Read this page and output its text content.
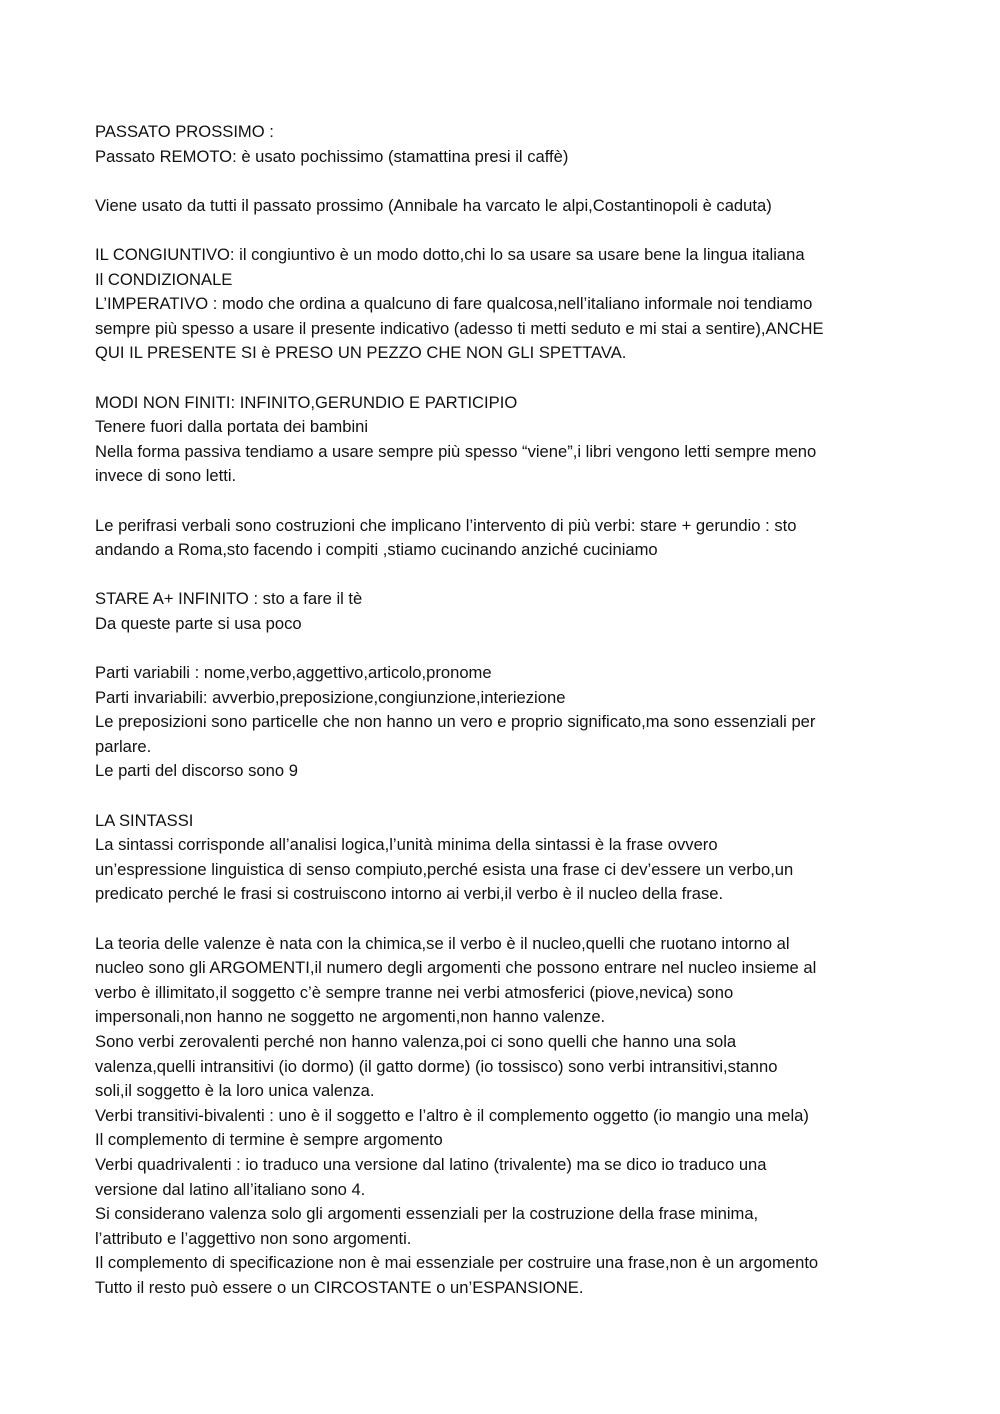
PASSATO PROSSIMO :
Passato REMOTO: è usato pochissimo (stamattina presi il caffè)
Viene usato da tutti il passato prossimo (Annibale ha varcato le alpi,Costantinopoli è caduta)
IL CONGIUNTIVO: il congiuntivo è un modo dotto,chi lo sa usare sa usare bene la lingua italiana
Il CONDIZIONALE
L’IMPERATIVO : modo che ordina a qualcuno di fare qualcosa,nell’italiano informale noi tendiamo
sempre più spesso a usare il presente indicativo (adesso ti metti seduto e mi stai a sentire),ANCHE
QUI IL PRESENTE SI è PRESO UN PEZZO CHE NON GLI SPETTAVA.
MODI NON FINITI: INFINITO,GERUNDIO E PARTICIPIO
Tenere fuori dalla portata dei bambini
Nella forma passiva tendiamo a usare sempre più spesso “viene”,i libri vengono letti sempre meno
invece di sono letti.
Le perifrasi verbali sono costruzioni che implicano l’intervento di più verbi: stare + gerundio : sto
andando a Roma,sto facendo i compiti ,stiamo cucinando anziché cuciniamo
STARE A+ INFINITO : sto a fare il tè
Da queste parte si usa poco
Parti variabili : nome,verbo,aggettivo,articolo,pronome
Parti invariabili: avverbio,preposizione,congiunzione,interiezione
Le preposizioni sono particelle che non hanno un vero e proprio significato,ma sono essenziali per
parlare.
Le parti del discorso sono 9
LA SINTASSI
La sintassi corrisponde all’analisi logica,l’unità minima della sintassi è la frase ovvero
un’espressione linguistica di senso compiuto,perché esista una frase ci dev’essere un verbo,un
predicato perché le frasi si costruiscono intorno ai verbi,il verbo è il nucleo della frase.
La teoria delle valenze è nata con la chimica,se il verbo è il nucleo,quelli che ruotano intorno al
nucleo sono gli ARGOMENTI,il numero degli argomenti che possono entrare nel nucleo insieme al
verbo è illimitato,il soggetto c’è sempre tranne nei verbi atmosferici (piove,nevica) sono
impersonali,non hanno ne soggetto ne argomenti,non hanno valenze.
Sono verbi zerovalenti perché non hanno valenza,poi ci sono quelli che hanno una sola
valenza,quelli intransitivi (io dormo) (il gatto dorme) (io tossisco) sono verbi intransitivi,stanno
soli,il soggetto è la loro unica valenza.
Verbi transitivi-bivalenti : uno è il soggetto e l’altro è il complemento oggetto (io mangio una mela)
Il complemento di termine è sempre argomento
Verbi quadrivalenti : io traduco una versione dal latino (trivalente) ma se dico io traduco una
versione dal latino all’italiano sono 4.
Si considerano valenza solo gli argomenti essenziali per la costruzione della frase minima,
l’attributo e l’aggettivo non sono argomenti.
Il complemento di specificazione non è mai essenziale per costruire una frase,non è un argomento
Tutto il resto può essere o un CIRCOSTANTE o un’ESPANSIONE.
